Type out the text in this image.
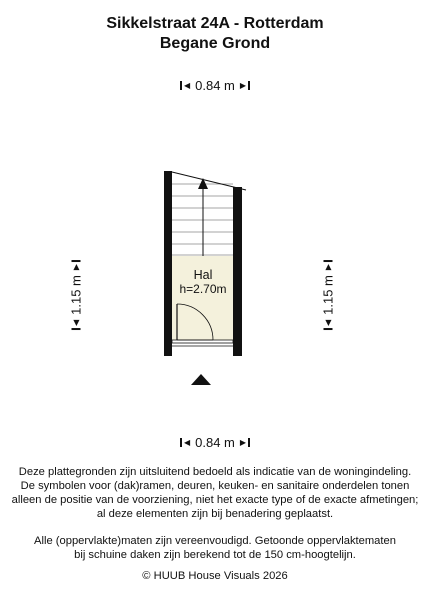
Sikkelstraat 24A - Rotterdam
Begane Grond
◀ 0.84 m ▶
◀ 0.84 m ▶
◀
1.15 m
▶
◀
1.15 m
▶
Hal
h=2.70m
Deze plattegronden zijn uitsluitend bedoeld als indicatie van de woningindeling.
De symbolen voor (dak)ramen, deuren, keuken- en sanitaire onderdelen tonen
alleen de positie van de voorziening, niet het exacte type of de exacte afmetingen;
al deze elementen zijn bij benadering geplaatst.
Alle (oppervlakte)maten zijn vereenvoudigd. Getoonde oppervlaktematen
bij schuine daken zijn berekend tot de 150 cm-hoogtelijn.
© HUUB House Visuals 2026
